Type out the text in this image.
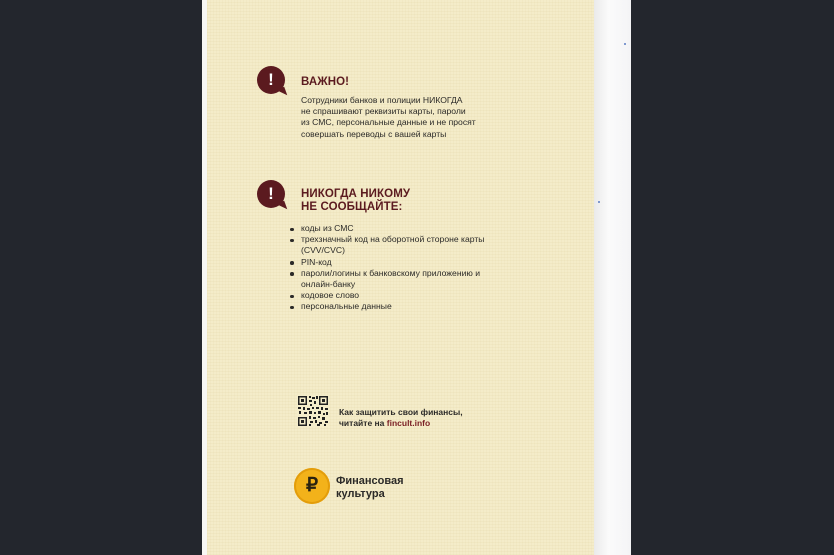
!	ВАЖНО!
Сотрудники банков и полиции НИКОГДА
не спрашивают реквизиты карты, пароли
из СМС, персональные данные и не просят
совершать переводы с вашей карты
!	НИКОГДА НИКОМУ
НЕ СООБЩАЙТЕ:
коды из СМС
трехзначный код на оборотной стороне карты (CVV/CVC)
PIN-код
пароли/логины к банковскому приложению и онлайн-банку
кодовое слово
персональные данные
Как защитить свои финансы,
читайте на fincult.info
₽	Финансовая
культура
